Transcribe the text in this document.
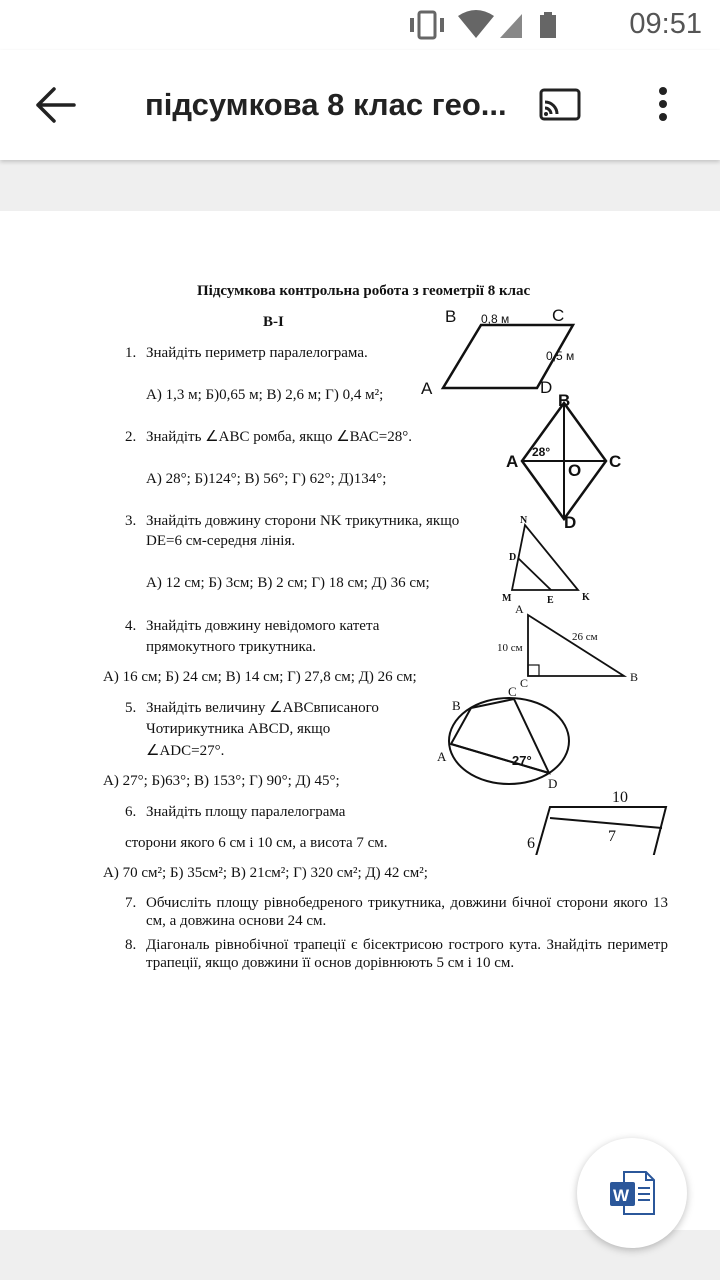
09:51
підсумкова 8 клас гео...
Підсумкова контрольна робота з геометрії 8 клас
В-І
1. Знайдіть периметр паралелограма.
А) 1,3 м; Б)0,65 м; В) 2,6 м; Г) 0,4 м²;
2. Знайдіть ∠АВС ромба, якщо ∠ВАС=28°.
А) 28°; Б)124°; В) 56°; Г) 62°; Д)134°;
3. Знайдіть довжину сторони NK трикутника, якщо
DE=6 см-середня лінія.
А) 12 см; Б) 3см; В) 2 см; Г) 18 см; Д) 36 см;
4. Знайдіть довжину невідомого катета
прямокутного трикутника.
А) 16 см; Б) 24 см; В) 14 см; Г) 27,8 см; Д) 26 см;
5. Знайдіть величину ∠АВСвписаного
Чотирикутника АВСD, якщо
∠АDС=27°.
А) 27°; Б)63°; В) 153°; Г) 90°; Д) 45°;
6. Знайдіть площу паралелограма
сторони якого 6 см і 10 см, а висота 7 см.
А) 70 см²; Б) 35см²; В) 21см²; Г) 320 см²; Д) 42 см²;
7. Обчисліть площу рівнобедреного трикутника, довжини бічної сторони якого 13 см, а довжина основи 24 см.
8. Діагональ рівнобічної трапеції є бісектрисою гострого кута. Знайдіть периметр трапеції, якщо довжини її основ дорівнюють 5 см і 10 см.
B	C
A	D
0,8 м
0,5 м
B
A	C
D
O
28°
N
D
M	E	K
A
C	B
10 см
26 см
B
C
A
D
27°
10
6	7
W
